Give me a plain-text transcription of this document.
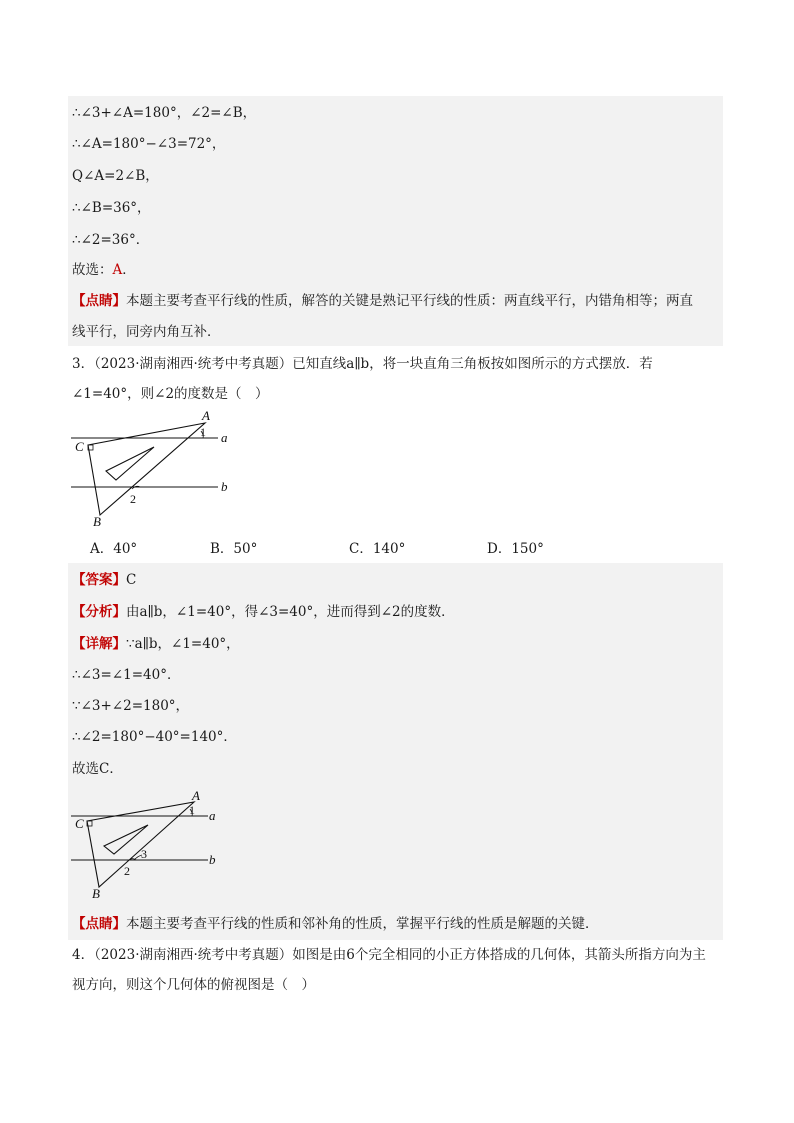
∴∠3+∠A=180°，∠2=∠B，
∴∠A=180°−∠3=72°，
Q∠A=2∠B，
∴∠B=36°，
∴∠2=36°．
故选：A．
【点睛】本题主要考查平行线的性质，解答的关键是熟记平行线的性质：两直线平行，内错角相等；两直
线平行，同旁内角互补．
3．（2023·湖南湘西·统考中考真题）已知直线a∥b，将一块直角三角板按如图所示的方式摆放．若
∠1=40°，则∠2的度数是（　）
A
C
B
a
b
1
2
A．40°	B．50°	C．140°	D．150°
【答案】C
【分析】由a∥b，∠1=40°，得∠3=40°，进而得到∠2的度数．
【详解】∵a∥b，∠1=40°，
∴∠3=∠1=40°．
∵∠3+∠2=180°，
∴∠2=180°−40°=140°．
故选C．
A
C
B
a
b
1
2
3
【点睛】本题主要考查平行线的性质和邻补角的性质，掌握平行线的性质是解题的关键．
4．（2023·湖南湘西·统考中考真题）如图是由6个完全相同的小正方体搭成的几何体，其箭头所指方向为主
视方向，则这个几何体的俯视图是（　）
